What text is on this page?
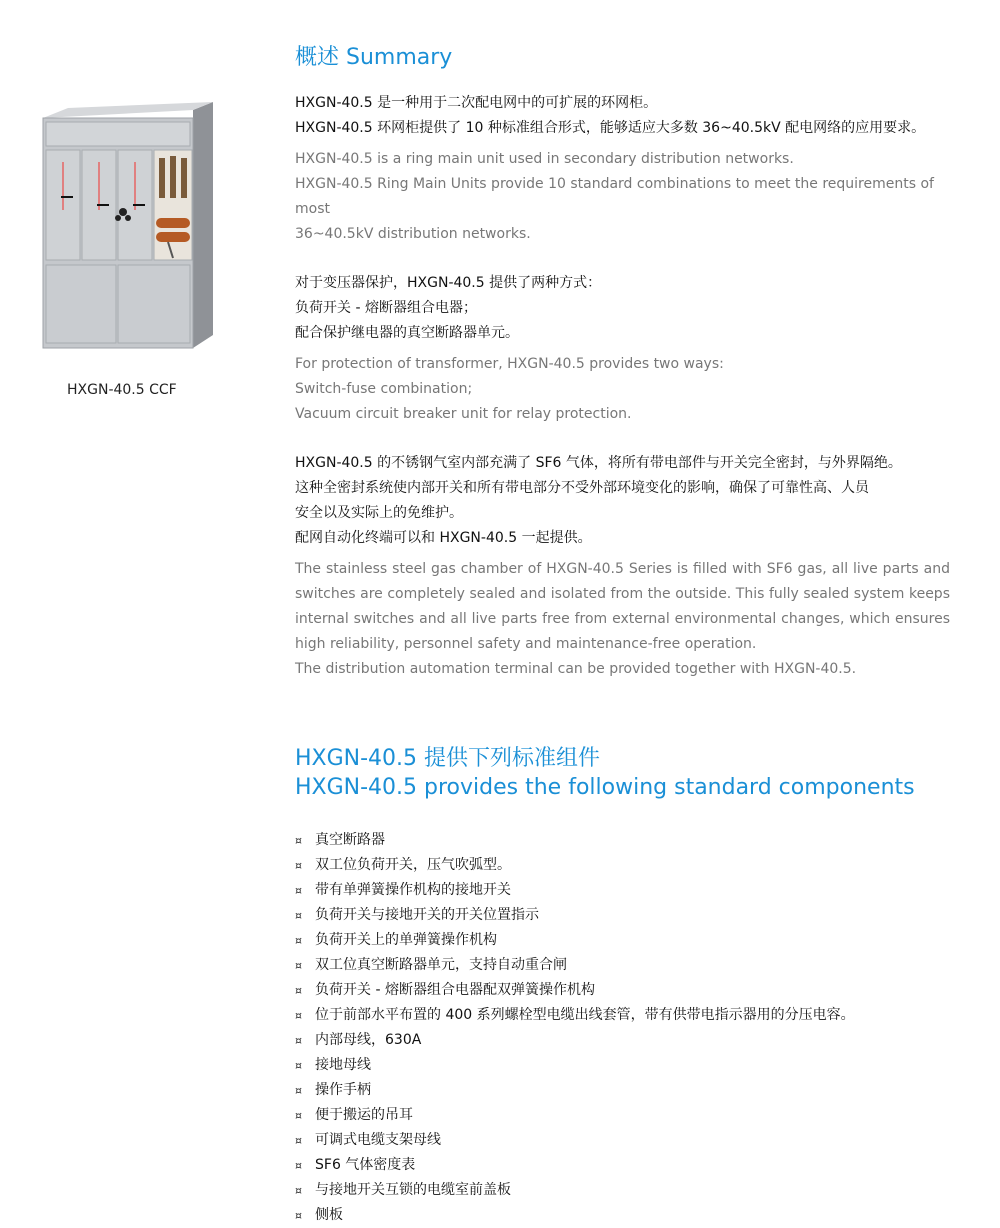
HXGN-40.5 CCF
概述 Summary

HXGN-40.5 是一种用于二次配电网中的可扩展的环网柜。

HXGN-40.5 环网柜提供了 10 种标准组合形式，能够适应大多数 36~40.5kV 配电网络的应用要求。

HXGN-40.5 is a ring main unit used in secondary distribution networks.

HXGN-40.5 Ring Main Units provide 10 standard combinations to meet the requirements of most

36~40.5kV distribution networks.

对于变压器保护，HXGN-40.5 提供了两种方式：

负荷开关 - 熔断器组合电器；

配合保护继电器的真空断路器单元。

For protection of transformer, HXGN-40.5 provides two ways:

Switch-fuse combination;

Vacuum circuit breaker unit for relay protection.

HXGN-40.5 的不锈钢气室内部充满了 SF6 气体，将所有带电部件与开关完全密封，与外界隔绝。

这种全密封系统使内部开关和所有带电部分不受外部环境变化的影响，确保了可靠性高、人员

安全以及实际上的免维护。

配网自动化终端可以和 HXGN-40.5 一起提供。

The stainless steel gas chamber of HXGN-40.5 Series is filled with SF6 gas, all live parts and switches are completely sealed and isolated from the outside. This fully sealed system keeps internal switches and all live parts free from external environmental changes, which ensures high reliability, personnel safety and maintenance-free operation.

The distribution automation terminal can be provided together with HXGN-40.5.

HXGN-40.5 提供下列标准组件
HXGN-40.5 provides the following standard components
¤ 真空断路器
¤ 双工位负荷开关，压气吹弧型。
¤ 带有单弹簧操作机构的接地开关
¤ 负荷开关与接地开关的开关位置指示
¤ 负荷开关上的单弹簧操作机构
¤ 双工位真空断路器单元，支持自动重合闸
¤ 负荷开关 - 熔断器组合电器配双弹簧操作机构
¤ 位于前部水平布置的 400 系列螺栓型电缆出线套管，带有供带电指示器用的分压电容。
¤ 内部母线，630A
¤ 接地母线
¤ 操作手柄
¤ 便于搬运的吊耳
¤ 可调式电缆支架母线
¤ SF6 气体密度表
¤ 与接地开关互锁的电缆室前盖板
¤ 侧板
